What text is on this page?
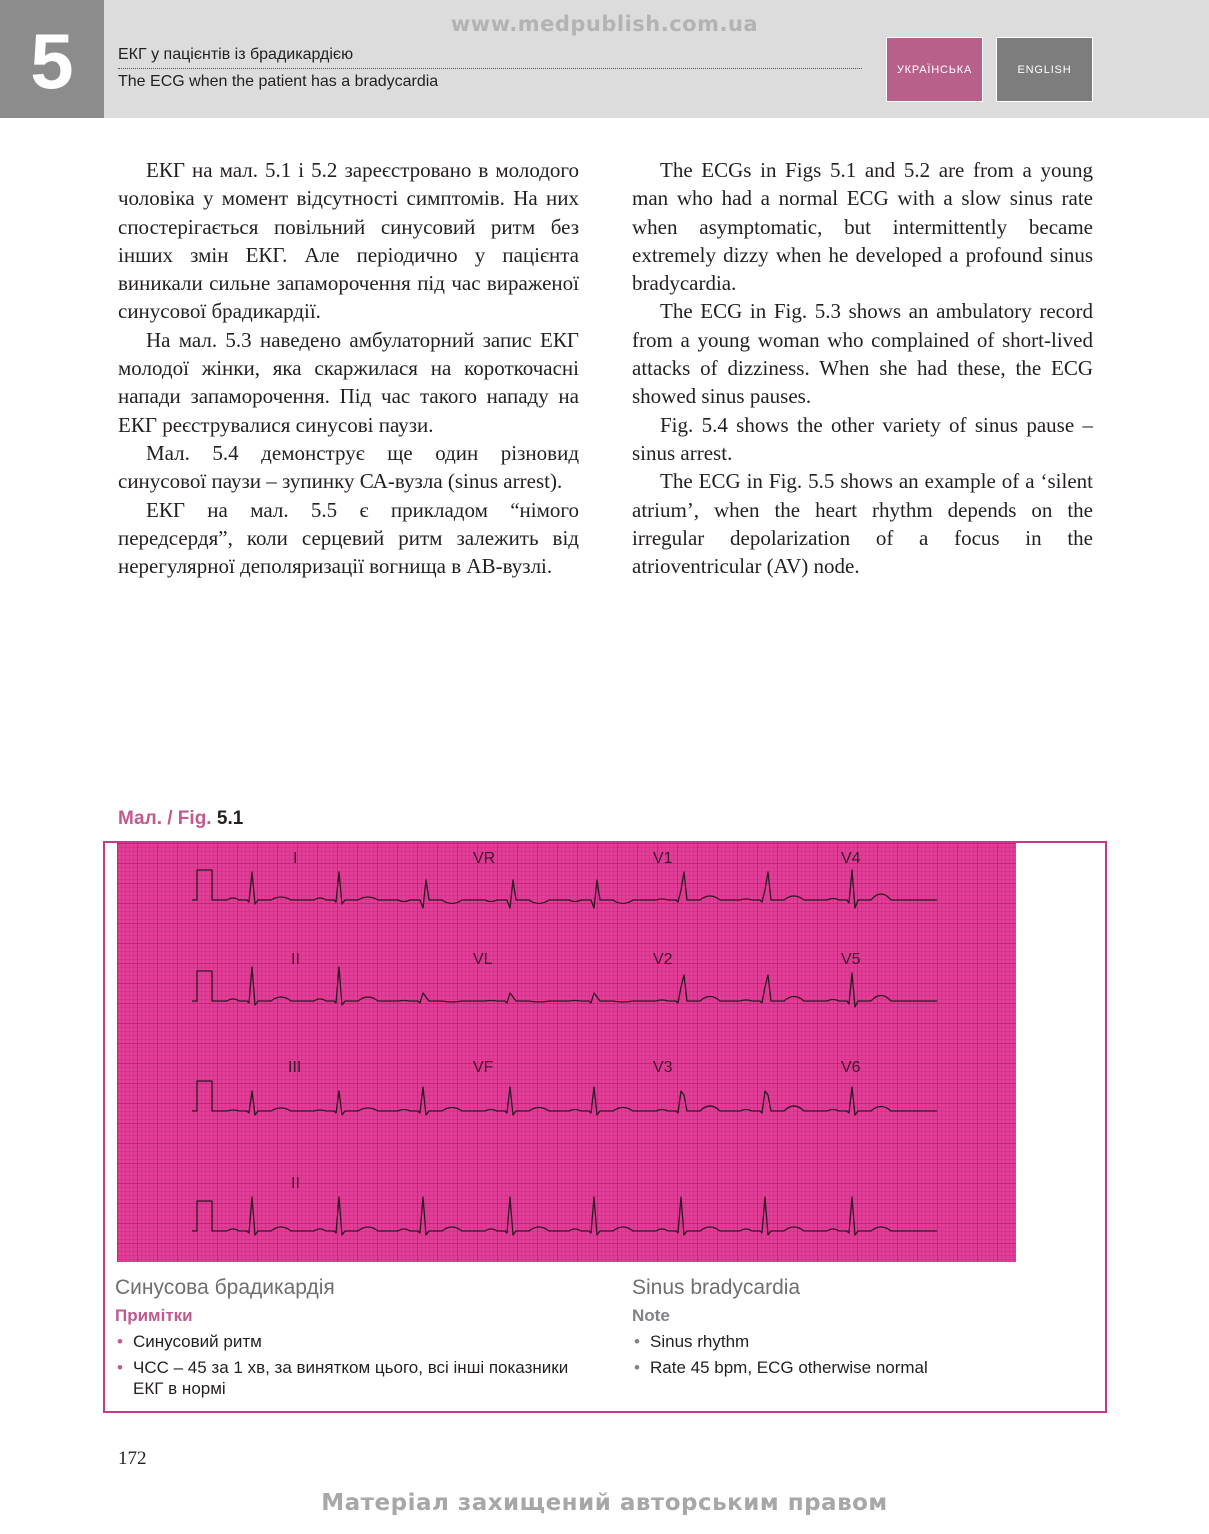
5	www.medpublish.com.ua
ЕКГ у пацієнтів із брадикардією
The ECG when the patient has a bradycardia
УКРАЇНСЬКА	ENGLISH

ЕКГ на мал. 5.1 і 5.2 зареєстровано в молодого чоловіка у момент відсутності симптомів. На них спостерігається повільний синусовий ритм без інших змін ЕКГ. Але періодично у пацієнта виникали сильне запаморочення під час вираженої синусової брадикардії.

На мал. 5.3 наведено амбулаторний запис ЕКГ молодої жінки, яка скаржилася на короткочасні напади запаморочення. Під час такого нападу на ЕКГ реєструвалися синусові паузи.

Мал. 5.4 демонструє ще один різновид синусової паузи – зупинку СА-вузла (sinus arrest).

ЕКГ на мал. 5.5 є прикладом “німого передсердя”, коли серцевий ритм залежить від нерегулярної деполяризації вогнища в АВ-вузлі.

The ECGs in Figs 5.1 and 5.2 are from a young man who had a normal ECG with a slow sinus rate when asymptomatic, but intermittently became extremely dizzy when he developed a profound sinus bradycardia.

The ECG in Fig. 5.3 shows an ambulatory record from a young woman who complained of short-lived attacks of dizziness. When she had these, the ECG showed sinus pauses.

Fig. 5.4 shows the other variety of sinus pause – sinus arrest.

The ECG in Fig. 5.5 shows an example of a ‘silent atrium’, when the heart rhythm depends on the irregular depolarization of a focus in the atrioventricular (AV) node.

Мал. / Fig. 5.1
I	VR	V1	V4
II	VL	V2	V5
III	VF	V3	V6
II
Синусова брадикардія
Примітки
• Синусовий ритм
• ЧСС – 45 за 1 хв, за винятком цього, всі інші показники ЕКГ в нормі
Sinus bradycardia
Note
• Sinus rhythm
• Rate 45 bpm, ECG otherwise normal
172
Матеріал захищений авторським правом
